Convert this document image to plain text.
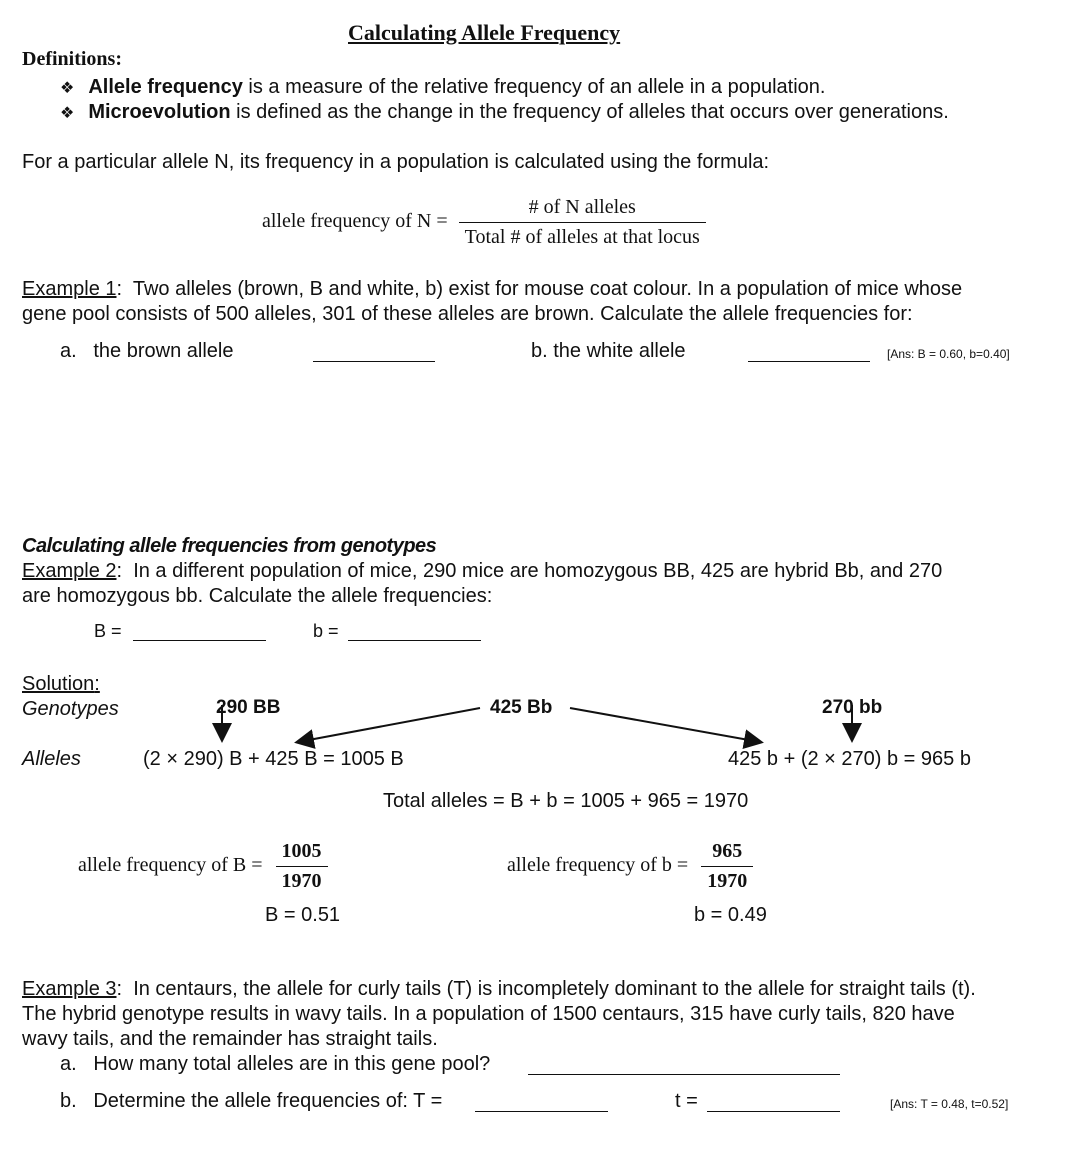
Calculating Allele Frequency
Definitions:
❖ Allele frequency is a measure of the relative frequency of an allele in a population.
❖ Microevolution is defined as the change in the frequency of alleles that occurs over generations.
For a particular allele N, its frequency in a population is calculated using the formula:
allele frequency of $N = \frac{\text{\# of N alleles}}{\text{Total \# of alleles at that locus}}$
Example 1: Two alleles (brown, B and white, b) exist for mouse coat colour. In a population of mice whose
gene pool consists of 500 alleles, 301 of these alleles are brown. Calculate the allele frequencies for:
a. the brown allele	b. the white allele	[Ans: B = 0.60, b=0.40]
Calculating allele frequencies from genotypes
Example 2: In a different population of mice, 290 mice are homozygous BB, 425 are hybrid Bb, and 270
are homozygous bb. Calculate the allele frequencies:
B =	b =
Solution:
Genotypes	290 BB	425 Bb	270 bb
Alleles	(2 × 290) B + 425 B = 1005 B	425 b + (2 × 270) b = 965 b
Total alleles = B + b = 1005 + 965 = 1970
allele frequency of $B = \frac{1005}{1970}$
B = 0.51
allele frequency of $b = \frac{965}{1970}$
b = 0.49
Example 3: In centaurs, the allele for curly tails (T) is incompletely dominant to the allele for straight tails (t).
The hybrid genotype results in wavy tails. In a population of 1500 centaurs, 315 have curly tails, 820 have
wavy tails, and the remainder has straight tails.
a. How many total alleles are in this gene pool?
b. Determine the allele frequencies of: T =	t =	[Ans: T = 0.48, t=0.52]
